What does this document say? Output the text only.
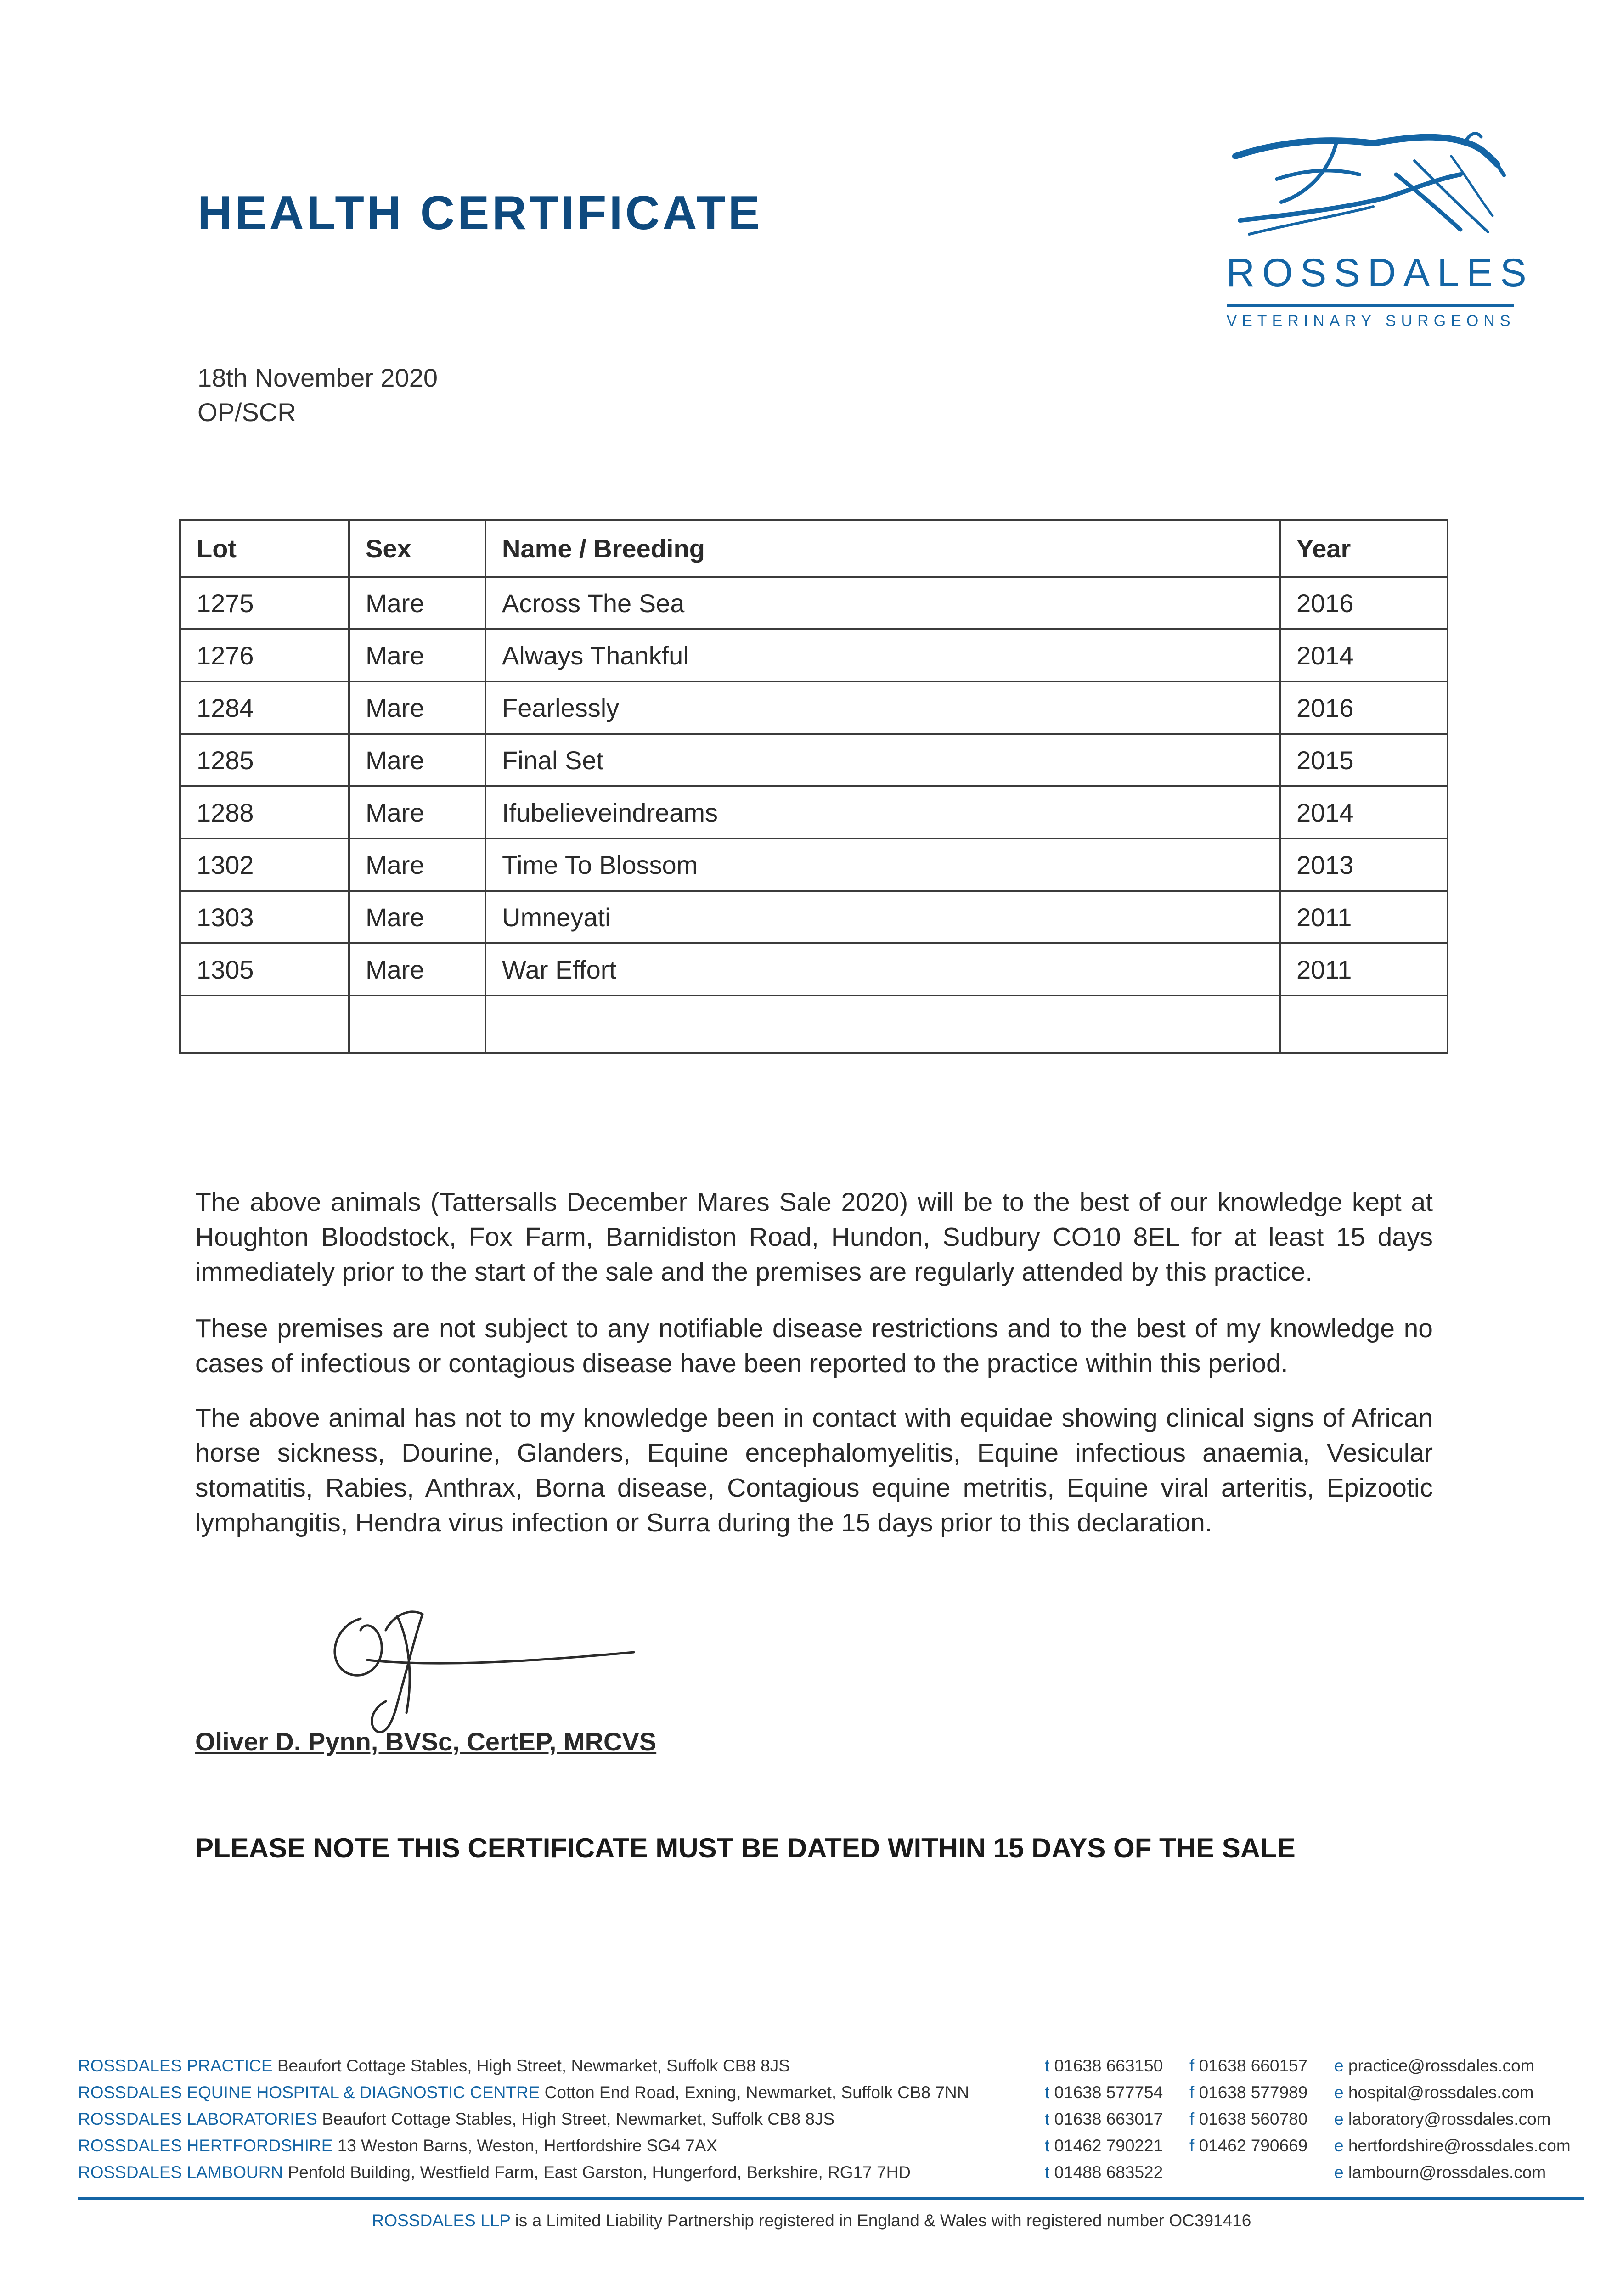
HEALTH CERTIFICATE
ROSSDALES
VETERINARY SURGEONS
18th November 2020
OP/SCR
Lot	Sex	Name / Breeding	Year
1275	Mare	Across The Sea	2016
1276	Mare	Always Thankful	2014
1284	Mare	Fearlessly	2016
1285	Mare	Final Set	2015
1288	Mare	Ifubelieveindreams	2014
1302	Mare	Time To Blossom	2013
1303	Mare	Umneyati	2011
1305	Mare	War Effort	2011

The above animals (Tattersalls December Mares Sale 2020) will be to the best of our knowledge kept at Houghton Bloodstock, Fox Farm, Barnidiston Road, Hundon, Sudbury CO10 8EL for at least 15 days immediately prior to the start of the sale and the premises are regularly attended by this practice.

These premises are not subject to any notifiable disease restrictions and to the best of my knowledge no cases of infectious or contagious disease have been reported to the practice within this period.

The above animal has not to my knowledge been in contact with equidae showing clinical signs of African horse sickness, Dourine, Glanders, Equine encephalomyelitis, Equine infectious anaemia, Vesicular stomatitis, Rabies, Anthrax, Borna disease, Contagious equine metritis, Equine viral arteritis, Epizootic lymphangitis, Hendra virus infection or Surra during the 15 days prior to this declaration.

Oliver D. Pynn, BVSc, CertEP, MRCVS
PLEASE NOTE THIS CERTIFICATE MUST BE DATED WITHIN 15 DAYS OF THE SALE
ROSSDALES PRACTICE Beaufort Cottage Stables, High Street, Newmarket, Suffolk CB8 8JS	t 01638 663150 f 01638 660157 e practice@rossdales.com
ROSSDALES EQUINE HOSPITAL & DIAGNOSTIC CENTRE Cotton End Road, Exning, Newmarket, Suffolk CB8 7NN	t 01638 577754 f 01638 577989 e hospital@rossdales.com
ROSSDALES LABORATORIES Beaufort Cottage Stables, High Street, Newmarket, Suffolk CB8 8JS	t 01638 663017 f 01638 560780 e laboratory@rossdales.com
ROSSDALES HERTFORDSHIRE 13 Weston Barns, Weston, Hertfordshire SG4 7AX	t 01462 790221 f 01462 790669 e hertfordshire@rossdales.com
ROSSDALES LAMBOURN Penfold Building, Westfield Farm, East Garston, Hungerford, Berkshire, RG17 7HD	t 01488 683522	e lambourn@rossdales.com
ROSSDALES LLP is a Limited Liability Partnership registered in England & Wales with registered number OC391416
